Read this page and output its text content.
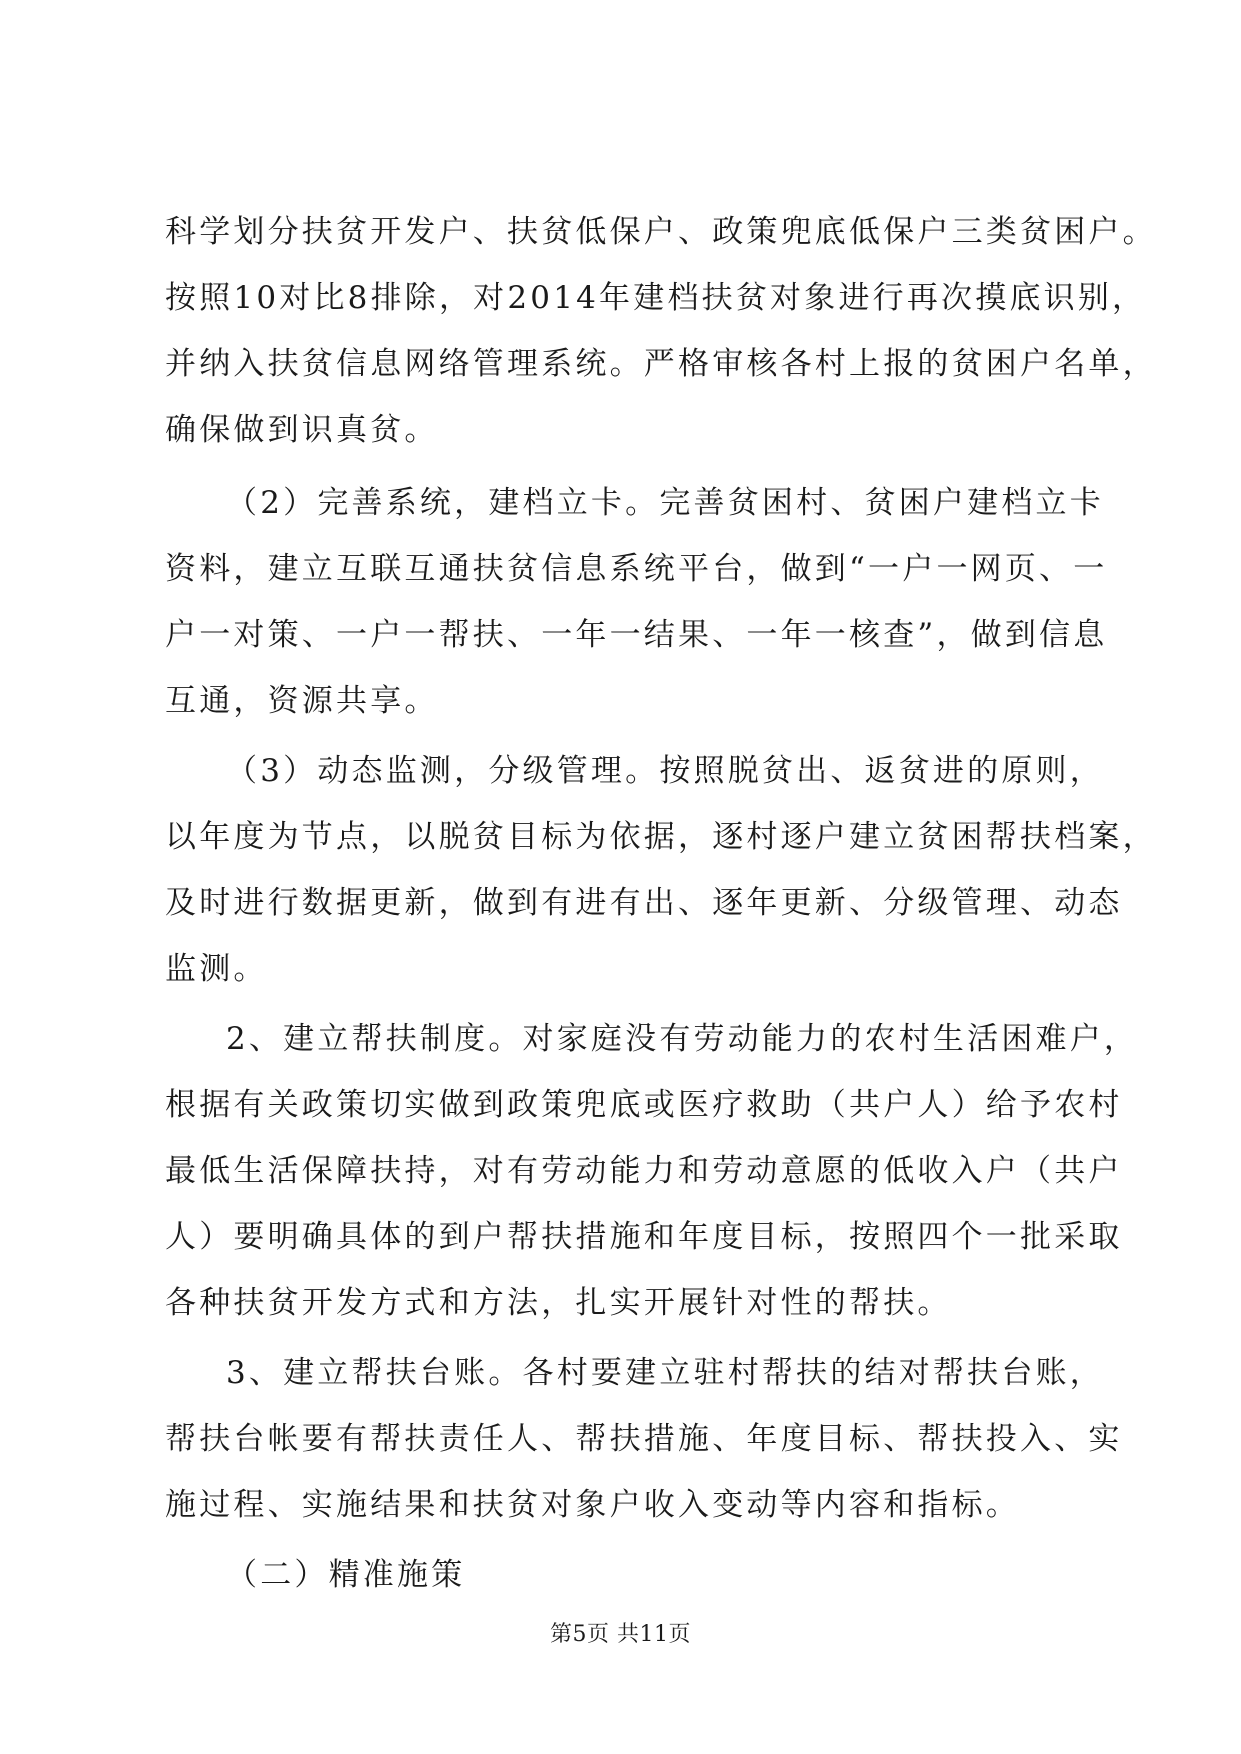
科学划分扶贫开发户、扶贫低保户、政策兜底低保户三类贫困户。
按照10对比8排除，对2014年建档扶贫对象进行再次摸底识别，
并纳入扶贫信息网络管理系统。严格审核各村上报的贫困户名单，
确保做到识真贫。
（2）完善系统，建档立卡。完善贫困村、贫困户建档立卡
资料，建立互联互通扶贫信息系统平台，做到“一户一网页、一
户一对策、一户一帮扶、一年一结果、一年一核查”，做到信息
互通，资源共享。
（3）动态监测，分级管理。按照脱贫出、返贫进的原则，
以年度为节点，以脱贫目标为依据，逐村逐户建立贫困帮扶档案，
及时进行数据更新，做到有进有出、逐年更新、分级管理、动态
监测。
2、建立帮扶制度。对家庭没有劳动能力的农村生活困难户，
根据有关政策切实做到政策兜底或医疗救助（共户人）给予农村
最低生活保障扶持，对有劳动能力和劳动意愿的低收入户（共户
人）要明确具体的到户帮扶措施和年度目标，按照四个一批采取
各种扶贫开发方式和方法，扎实开展针对性的帮扶。
3、建立帮扶台账。各村要建立驻村帮扶的结对帮扶台账，
帮扶台帐要有帮扶责任人、帮扶措施、年度目标、帮扶投入、实
施过程、实施结果和扶贫对象户收入变动等内容和指标。
（二）精准施策
第5页 共11页
